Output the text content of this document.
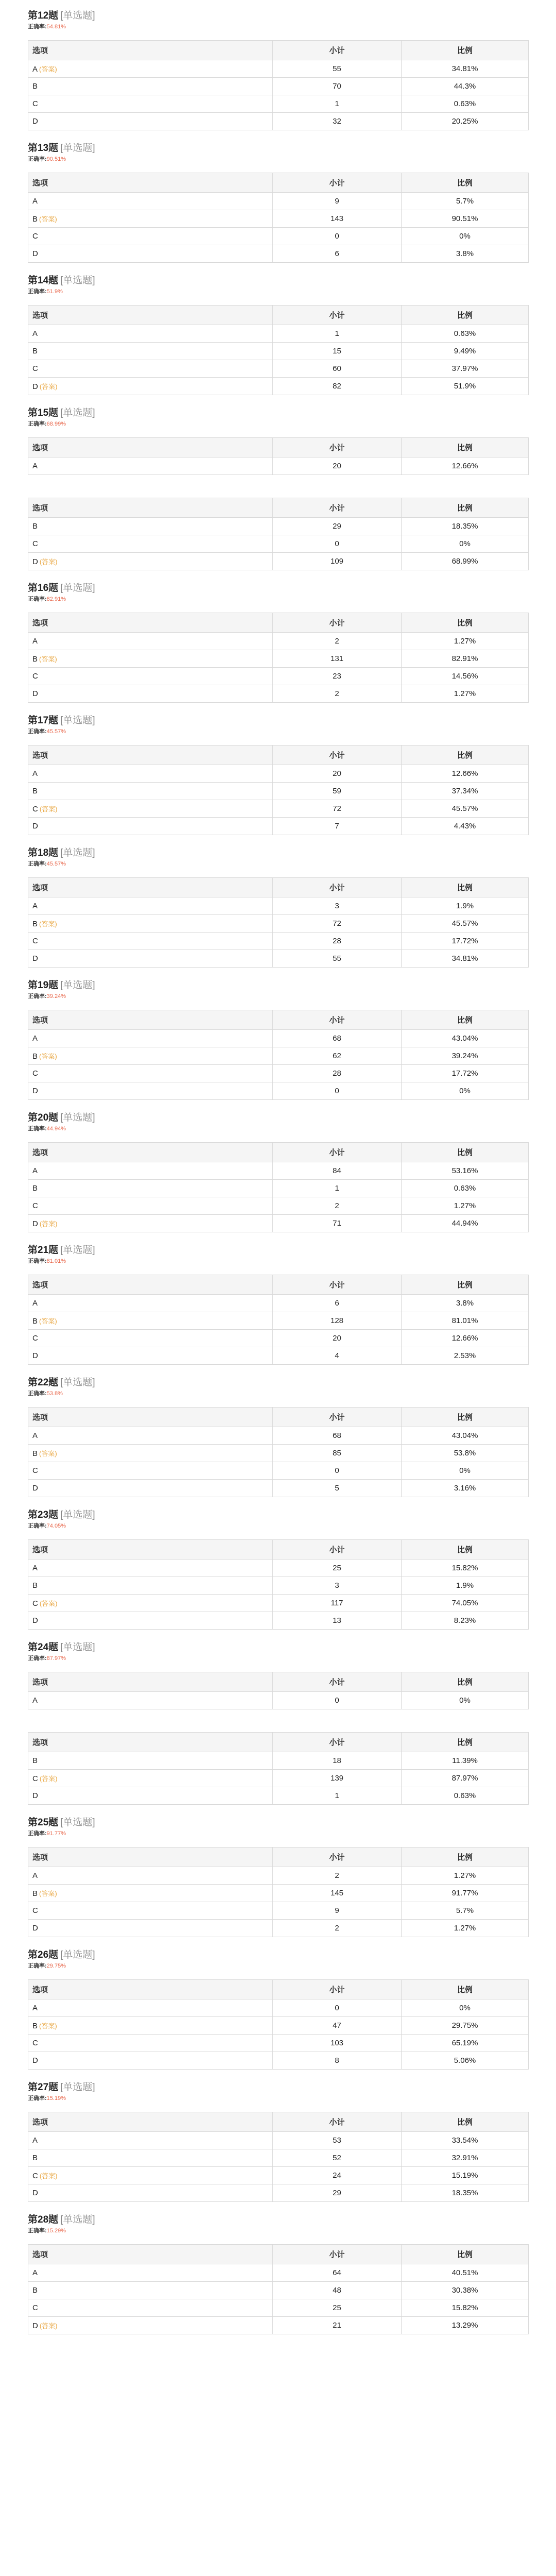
第12题 [单选题]
正确率:54.81%
选项	小计	比例
A (答案)	55	34.81%
B	70	44.3%
C	1	0.63%
D	32	20.25%
第13题 [单选题]
正确率:90.51%
选项	小计	比例
A	9	5.7%
B (答案)	143	90.51%
C	0	0%
D	6	3.8%
第14题 [单选题]
正确率:51.9%
选项	小计	比例
A	1	0.63%
B	15	9.49%
C	60	37.97%
D (答案)	82	51.9%
第15题 [单选题]
正确率:68.99%
选项	小计	比例
A	20	12.66%
选项	小计	比例
B	29	18.35%
C	0	0%
D (答案)	109	68.99%
第16题 [单选题]
正确率:82.91%
选项	小计	比例
A	2	1.27%
B (答案)	131	82.91%
C	23	14.56%
D	2	1.27%
第17题 [单选题]
正确率:45.57%
选项	小计	比例
A	20	12.66%
B	59	37.34%
C (答案)	72	45.57%
D	7	4.43%
第18题 [单选题]
正确率:45.57%
选项	小计	比例
A	3	1.9%
B (答案)	72	45.57%
C	28	17.72%
D	55	34.81%
第19题 [单选题]
正确率:39.24%
选项	小计	比例
A	68	43.04%
B (答案)	62	39.24%
C	28	17.72%
D	0	0%
第20题 [单选题]
正确率:44.94%
选项	小计	比例
A	84	53.16%
B	1	0.63%
C	2	1.27%
D (答案)	71	44.94%
第21题 [单选题]
正确率:81.01%
选项	小计	比例
A	6	3.8%
B (答案)	128	81.01%
C	20	12.66%
D	4	2.53%
第22题 [单选题]
正确率:53.8%
选项	小计	比例
A	68	43.04%
B (答案)	85	53.8%
C	0	0%
D	5	3.16%
第23题 [单选题]
正确率:74.05%
选项	小计	比例
A	25	15.82%
B	3	1.9%
C (答案)	117	74.05%
D	13	8.23%
第24题 [单选题]
正确率:87.97%
选项	小计	比例
A	0	0%
选项	小计	比例
B	18	11.39%
C (答案)	139	87.97%
D	1	0.63%
第25题 [单选题]
正确率:91.77%
选项	小计	比例
A	2	1.27%
B (答案)	145	91.77%
C	9	5.7%
D	2	1.27%
第26题 [单选题]
正确率:29.75%
选项	小计	比例
A	0	0%
B (答案)	47	29.75%
C	103	65.19%
D	8	5.06%
第27题 [单选题]
正确率:15.19%
选项	小计	比例
A	53	33.54%
B	52	32.91%
C (答案)	24	15.19%
D	29	18.35%
第28题 [单选题]
正确率:15.29%
选项	小计	比例
A	64	40.51%
B	48	30.38%
C	25	15.82%
D (答案)	21	13.29%
